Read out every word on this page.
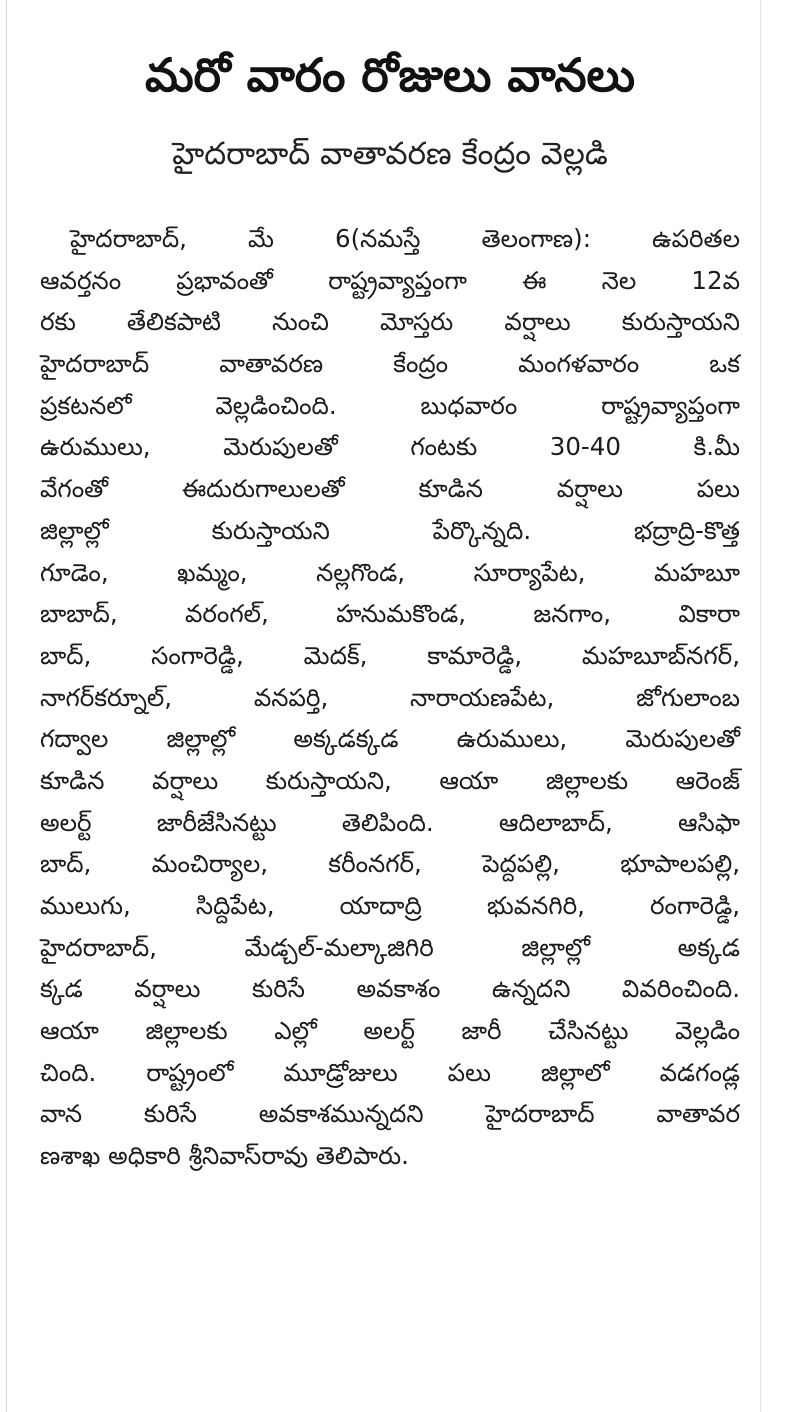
మరో వారం రోజులు వానలు
హైదరాబాద్ వాతావరణ కేంద్రం వెల్లడి
హైదరాబాద్, మే 6(నమస్తే తెలంగాణ): ఉపరితల
ఆవర్తనం ప్రభావంతో రాష్ట్రవ్యాప్తంగా ఈ నెల 12వ
రకు తేలికపాటి నుంచి మోస్తరు వర్షాలు కురుస్తాయని
హైదరాబాద్ వాతావరణ కేంద్రం మంగళవారం ఒక
ప్రకటనలో వెల్లడించింది. బుధవారం రాష్ట్రవ్యాప్తంగా
ఉరుములు, మెరుపులతో గంటకు 30-40 కి.మీ
వేగంతో ఈదురుగాలులతో కూడిన వర్షాలు పలు
జిల్లాల్లో కురుస్తాయని పేర్కొన్నది. భద్రాద్రి-కొత్త
గూడెం, ఖమ్మం, నల్లగొండ, సూర్యాపేట, మహబూ
బాబాద్, వరంగల్, హనుమకొండ, జనగాం, వికారా
బాద్, సంగారెడ్డి, మెదక్, కామారెడ్డి, మహబూబ్‌నగర్,
నాగర్‌కర్నూల్, వనపర్తి, నారాయణపేట, జోగులాంబ
గద్వాల జిల్లాల్లో అక్కడక్కడ ఉరుములు, మెరుపులతో
కూడిన వర్షాలు కురుస్తాయని, ఆయా జిల్లాలకు ఆరెంజ్
అలర్ట్ జారీజేసినట్టు తెలిపింది. ఆదిలాబాద్, ఆసిఫా
బాద్, మంచిర్యాల, కరీంనగర్, పెద్దపల్లి, భూపాలపల్లి,
ములుగు, సిద్దిపేట, యాదాద్రి భువనగిరి, రంగారెడ్డి,
హైదరాబాద్, మేడ్చల్-మల్కాజిగిరి జిల్లాల్లో అక్కడ
క్కడ వర్షాలు కురిసే అవకాశం ఉన్నదని వివరించింది.
ఆయా జిల్లాలకు ఎల్లో అలర్ట్ జారీ చేసినట్టు వెల్లడిం
చింది. రాష్ట్రంలో మూడ్రోజులు పలు జిల్లాలో వడగండ్ల
వాన కురిసే అవకాశమున్నదని హైదరాబాద్ వాతావర
ణశాఖ అధికారి శ్రీనివాస్‌రావు తెలిపారు.
